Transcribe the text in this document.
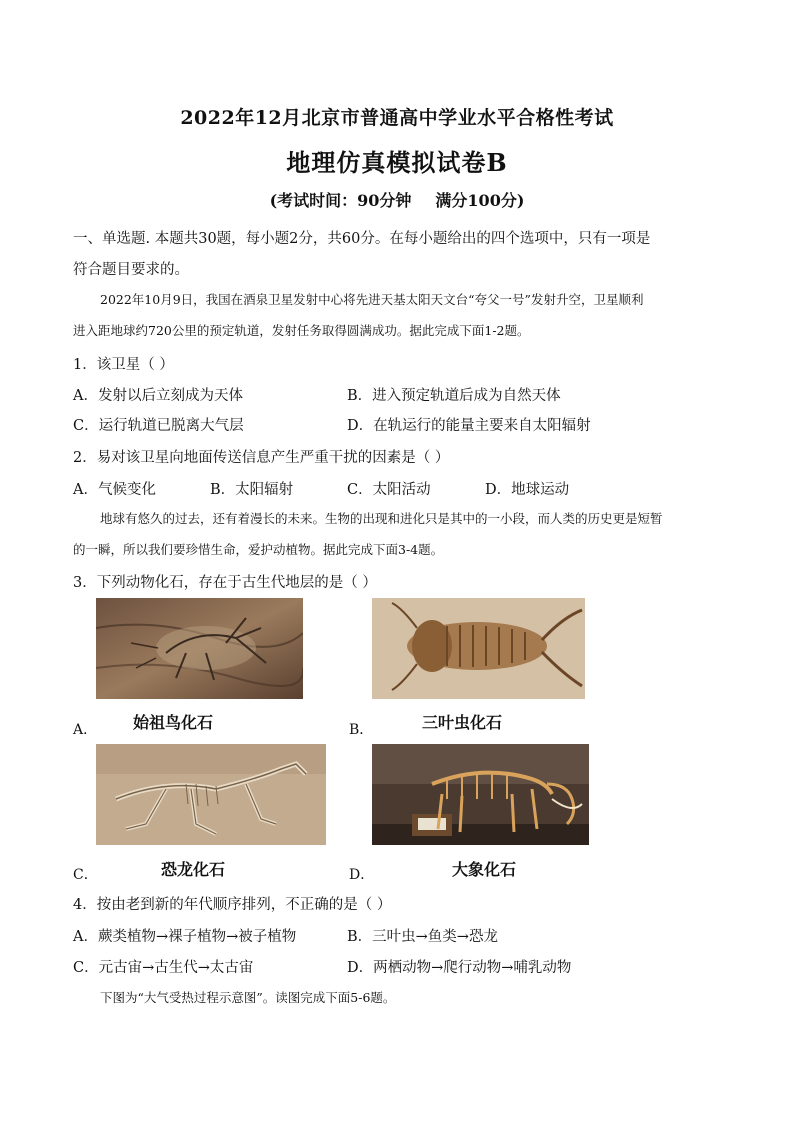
2022年12月北京市普通高中学业水平合格性考试
地理仿真模拟试卷B
(考试时间：90分钟 满分100分)
一、单选题. 本题共30题，每小题2分，共60分。在每小题给出的四个选项中，只有一项是
符合题目要求的。
2022年10月9日，我国在酒泉卫星发射中心将先进天基太阳天文台“夸父一号”发射升空，卫星顺利
进入距地球约720公里的预定轨道，发射任务取得圆满成功。据此完成下面1-2题。
1．该卫星（ ）
A．发射以后立刻成为天体	B．进入预定轨道后成为自然天体
C．运行轨道已脱离大气层	D．在轨运行的能量主要来自太阳辐射
2．易对该卫星向地面传送信息产生严重干扰的因素是（ ）
A．气候变化	B．太阳辐射	C．太阳活动	D．地球运动
地球有悠久的过去，还有着漫长的未来。生物的出现和进化只是其中的一小段，而人类的历史更是短暂
的一瞬，所以我们要珍惜生命，爱护动植物。据此完成下面3-4题。
3．下列动物化石，存在于古生代地层的是（ ）
A． 始祖鸟化石	B．	三叶虫化石
C．	恐龙化石	D．	大象化石
4．按由老到新的年代顺序排列，不正确的是（ ）
A．蕨类植物→裸子植物→被子植物	B．三叶虫→鱼类→恐龙
C．元古宙→古生代→太古宙	D．两栖动物→爬行动物→哺乳动物
下图为“大气受热过程示意图”。读图完成下面5-6题。
